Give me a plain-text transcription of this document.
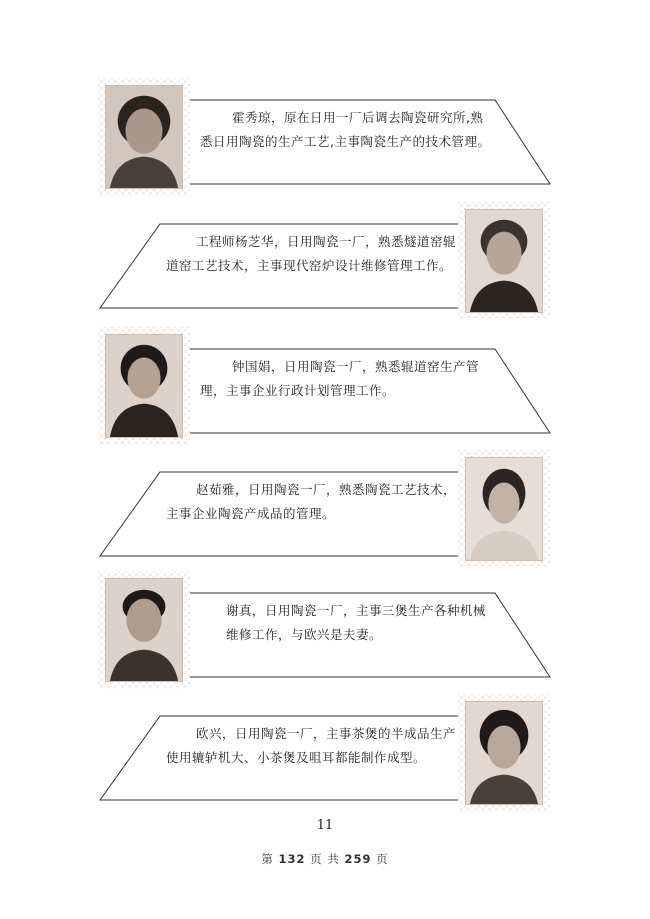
霍秀琼，原在日用一厂后调去陶瓷研究所,熟
悉日用陶瓷的生产工艺,主事陶瓷生产的技术管理。
工程师杨芝华，日用陶瓷一厂，熟悉燧道窑辊
道窑工艺技术，主事现代窑炉设计维修管理工作。
钟国娟，日用陶瓷一厂，熟悉辊道窑生产管
理，主事企业行政计划管理工作。
赵茹雅，日用陶瓷一厂，熟悉陶瓷工艺技术，
主事企业陶瓷产成品的管理。
谢真，日用陶瓷一厂，主事三煲生产各种机械
维修工作，与欧兴是夫妻。
欧兴，日用陶瓷一厂，主事茶煲的半成品生产
使用辘轳机大、小茶煲及咀耳都能制作成型。
11
第 132 页 共 259 页
